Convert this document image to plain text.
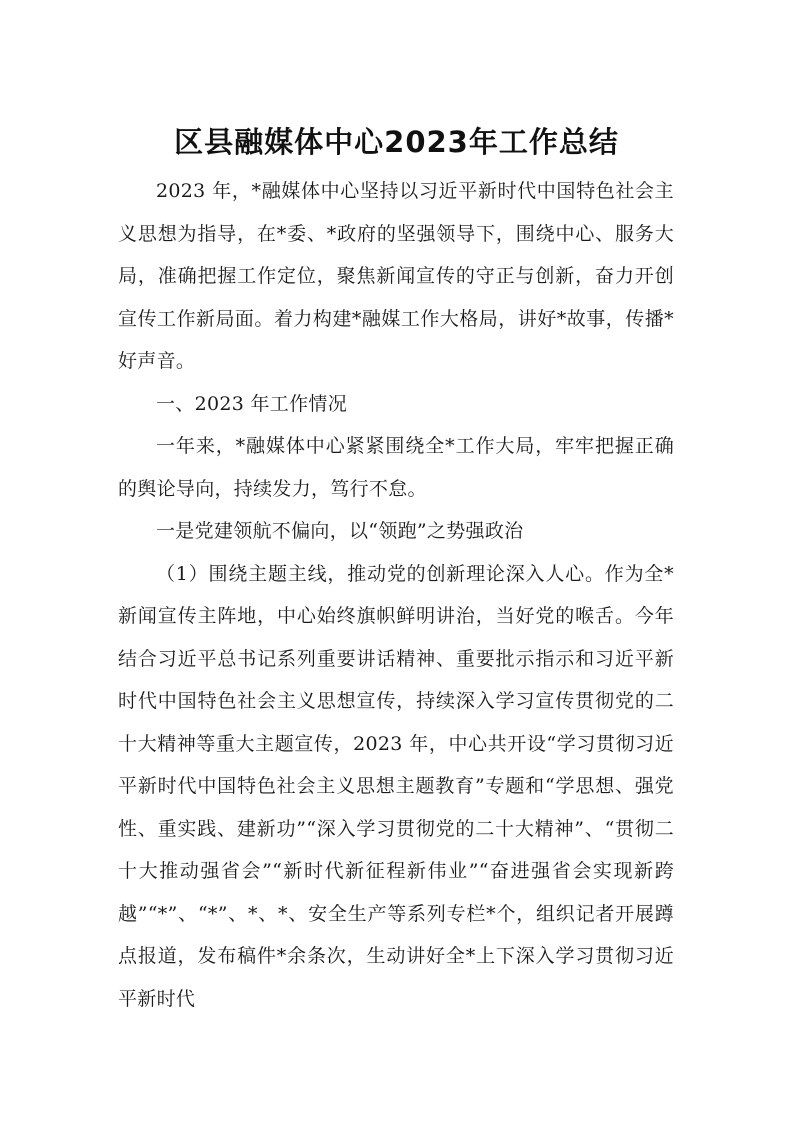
区县融媒体中心2023年工作总结

2023 年，*融媒体中心坚持以习近平新时代中国特色社会主义思想为指导，在*委、*政府的坚强领导下，围绕中心、服务大局，准确把握工作定位，聚焦新闻宣传的守正与创新，奋力开创宣传工作新局面。着力构建*融媒工作大格局，讲好*故事，传播*好声音。

一、2023 年工作情况

一年来，*融媒体中心紧紧围绕全*工作大局，牢牢把握正确的舆论导向，持续发力，笃行不怠。

一是党建领航不偏向，以“领跑”之势强政治

（1）围绕主题主线，推动党的创新理论深入人心。作为全*新闻宣传主阵地，中心始终旗帜鲜明讲治，当好党的喉舌。今年结合习近平总书记系列重要讲话精神、重要批示指示和习近平新时代中国特色社会主义思想宣传，持续深入学习宣传贯彻党的二十大精神等重大主题宣传，2023 年，中心共开设“学习贯彻习近平新时代中国特色社会主义思想主题教育”专题和“学思想、强党性、重实践、建新功”“深入学习贯彻党的二十大精神”、“贯彻二十大推动强省会”“新时代新征程新伟业”“奋进强省会实现新跨越”“*”、“*”、*、*、安全生产等系列专栏*个，组织记者开展蹲点报道，发布稿件*余条次，生动讲好全*上下深入学习贯彻习近平新时代
